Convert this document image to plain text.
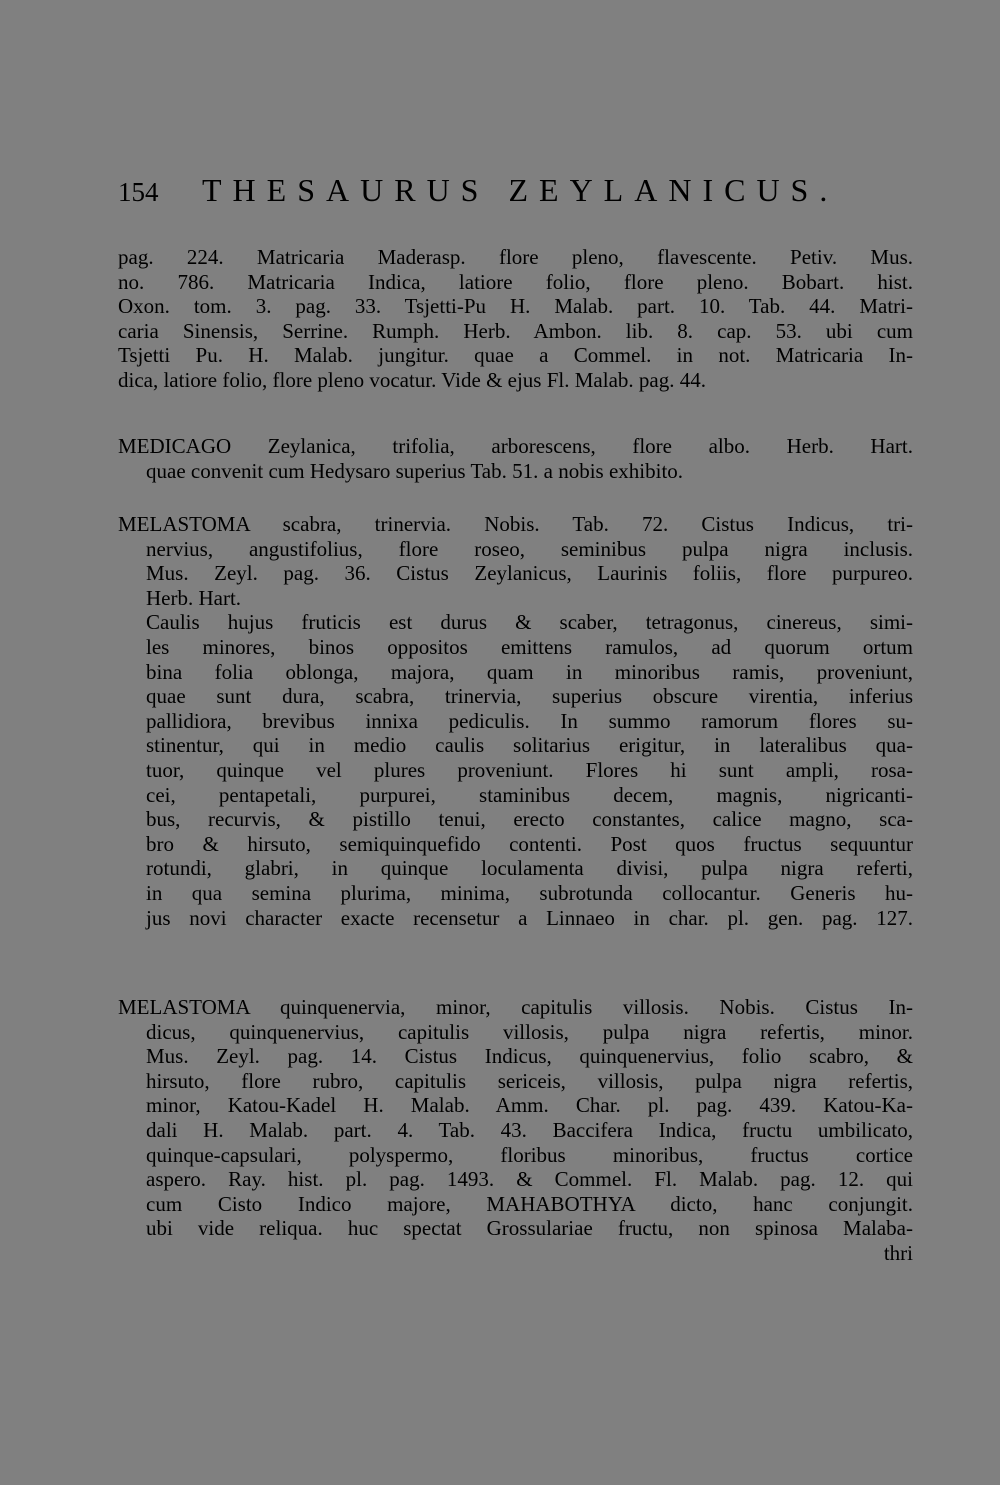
154 THESAURUS ZEYLANICUS.
pag. 224. Matricaria Maderasp. flore pleno, flavescente. Petiv. Mus.
no. 786. Matricaria Indica, latiore folio, flore pleno. Bobart. hist.
Oxon. tom. 3. pag. 33. Tsjetti-Pu H. Malab. part. 10. Tab. 44. Matri-
caria Sinensis, Serrine. Rumph. Herb. Ambon. lib. 8. cap. 53. ubi cum
Tsjetti Pu. H. Malab. jungitur. quae a Commel. in not. Matricaria In-
dica, latiore folio, flore pleno vocatur. Vide & ejus Fl. Malab. pag. 44.
MEDICAGO Zeylanica, trifolia, arborescens, flore albo. Herb. Hart.
quae convenit cum Hedysaro superius Tab. 51. a nobis exhibito.
MELASTOMA scabra, trinervia. Nobis. Tab. 72. Cistus Indicus, tri-
nervius, angustifolius, flore roseo, seminibus pulpa nigra inclusis.
Mus. Zeyl. pag. 36. Cistus Zeylanicus, Laurinis foliis, flore purpureo.
Herb. Hart.
Caulis hujus fruticis est durus & scaber, tetragonus, cinereus, simi-
les minores, binos oppositos emittens ramulos, ad quorum ortum
bina folia oblonga, majora, quam in minoribus ramis, proveniunt,
quae sunt dura, scabra, trinervia, superius obscure virentia, inferius
pallidiora, brevibus innixa pediculis. In summo ramorum flores su-
stinentur, qui in medio caulis solitarius erigitur, in lateralibus qua-
tuor, quinque vel plures proveniunt. Flores hi sunt ampli, rosa-
cei, pentapetali, purpurei, staminibus decem, magnis, nigricanti-
bus, recurvis, & pistillo tenui, erecto constantes, calice magno, sca-
bro & hirsuto, semiquinquefido contenti. Post quos fructus sequuntur
rotundi, glabri, in quinque loculamenta divisi, pulpa nigra referti,
in qua semina plurima, minima, subrotunda collocantur. Generis hu-
jus novi character exacte recensetur a Linnaeo in char. pl. gen. pag. 127.
MELASTOMA quinquenervia, minor, capitulis villosis. Nobis. Cistus In-
dicus, quinquenervius, capitulis villosis, pulpa nigra refertis, minor.
Mus. Zeyl. pag. 14. Cistus Indicus, quinquenervius, folio scabro, &
hirsuto, flore rubro, capitulis sericeis, villosis, pulpa nigra refertis,
minor, Katou-Kadel H. Malab. Amm. Char. pl. pag. 439. Katou-Ka-
dali H. Malab. part. 4. Tab. 43. Baccifera Indica, fructu umbilicato,
quinque-capsulari, polyspermo, floribus minoribus, fructus cortice
aspero. Ray. hist. pl. pag. 1493. & Commel. Fl. Malab. pag. 12. qui
cum Cisto Indico majore, MAHABOTHYA dicto, hanc conjungit.
ubi vide reliqua. huc spectat Grossulariae fructu, non spinosa Malaba-
thri
